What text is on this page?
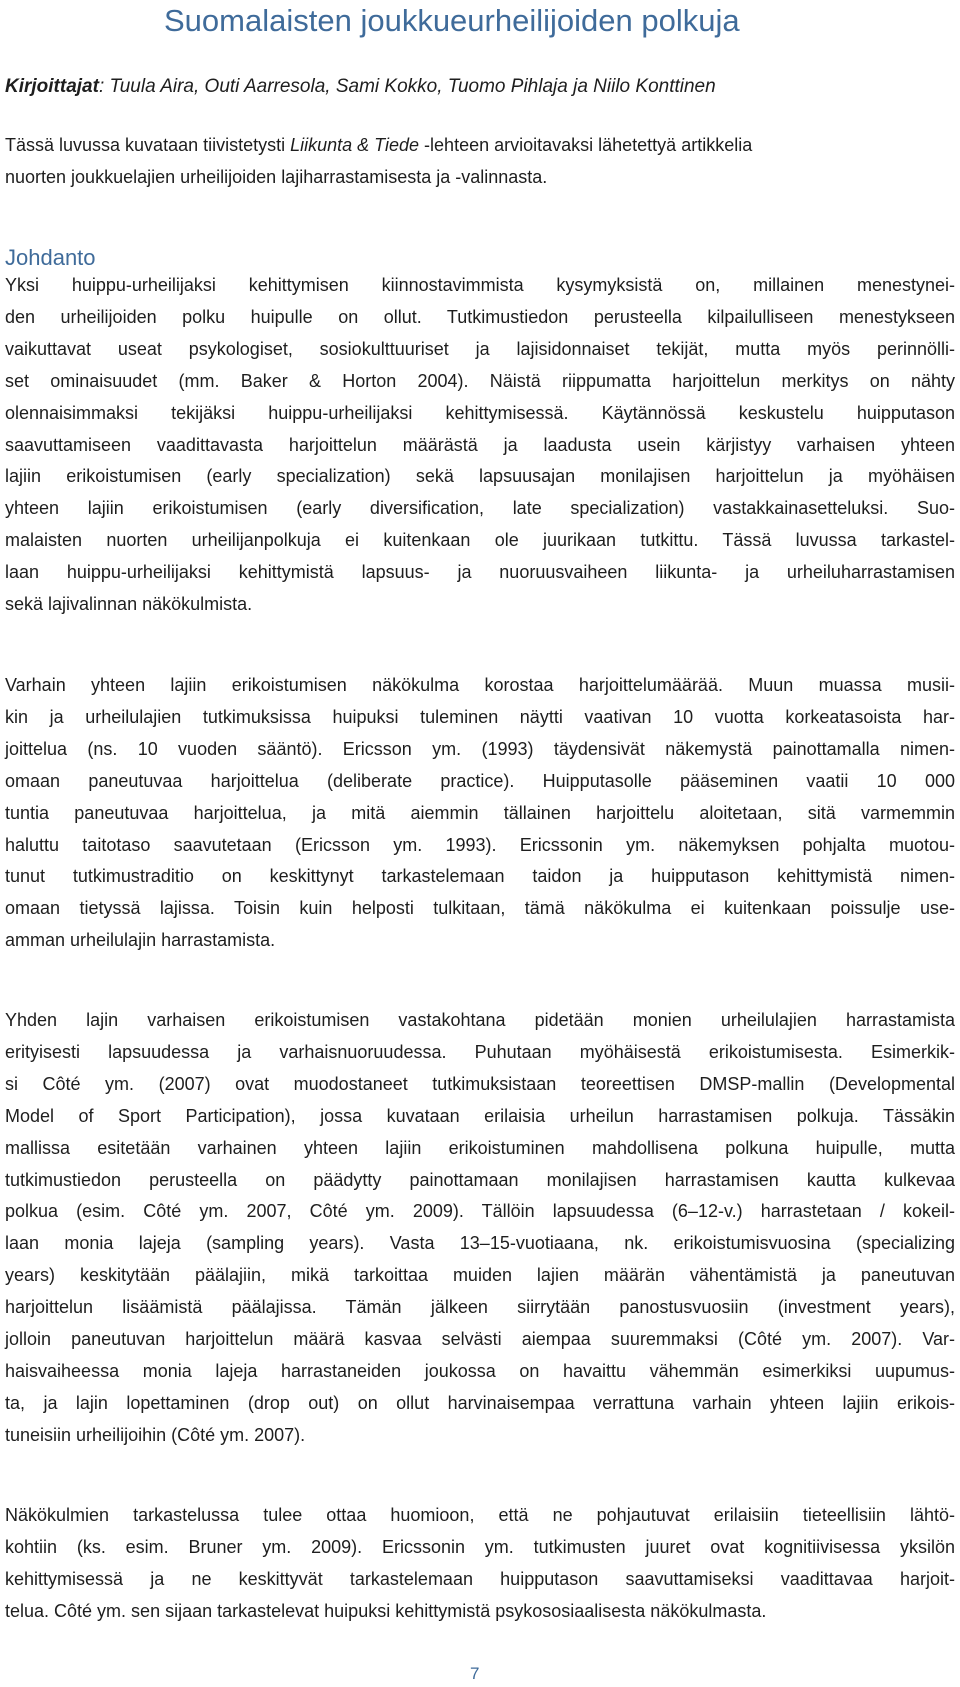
Suomalaisten joukkueurheilijoiden polkuja
Kirjoittajat: Tuula Aira, Outi Aarresola, Sami Kokko, Tuomo Pihlaja ja Niilo Konttinen
Tässä luvussa kuvataan tiivistetysti Liikunta & Tiede -lehteen arvioitavaksi lähetettyä artikkelia
nuorten joukkuelajien urheilijoiden lajiharrastamisesta ja -valinnasta.
Johdanto
Yksi huippu-urheilijaksi kehittymisen kiinnostavimmista kysymyksistä on, millainen menestynei-
den urheilijoiden polku huipulle on ollut. Tutkimustiedon perusteella kilpailulliseen menestykseen
vaikuttavat useat psykologiset, sosiokulttuuriset ja lajisidonnaiset tekijät, mutta myös perinnölli-
set ominaisuudet (mm. Baker & Horton 2004). Näistä riippumatta harjoittelun merkitys on nähty
olennaisimmaksi tekijäksi huippu-urheilijaksi kehittymisessä. Käytännössä keskustelu huipputason
saavuttamiseen vaadittavasta harjoittelun määrästä ja laadusta usein kärjistyy varhaisen yhteen
lajiin erikoistumisen (early specialization) sekä lapsuusajan monilajisen harjoittelun ja myöhäisen
yhteen lajiin erikoistumisen (early diversification, late specialization) vastakkainasetteluksi. Suo-
malaisten nuorten urheilijanpolkuja ei kuitenkaan ole juurikaan tutkittu. Tässä luvussa tarkastel-
laan huippu-urheilijaksi kehittymistä lapsuus- ja nuoruusvaiheen liikunta- ja urheiluharrastamisen
sekä lajivalinnan näkökulmista.
Varhain yhteen lajiin erikoistumisen näkökulma korostaa harjoittelumäärää. Muun muassa musii-
kin ja urheilulajien tutkimuksissa huipuksi tuleminen näytti vaativan 10 vuotta korkeatasoista har-
joittelua (ns. 10 vuoden sääntö). Ericsson ym. (1993) täydensivät näkemystä painottamalla nimen-
omaan paneutuvaa harjoittelua (deliberate practice). Huipputasolle pääseminen vaatii 10 000
tuntia paneutuvaa harjoittelua, ja mitä aiemmin tällainen harjoittelu aloitetaan, sitä varmemmin
haluttu taitotaso saavutetaan (Ericsson ym. 1993). Ericssonin ym. näkemyksen pohjalta muotou-
tunut tutkimustraditio on keskittynyt tarkastelemaan taidon ja huipputason kehittymistä nimen-
omaan tietyssä lajissa. Toisin kuin helposti tulkitaan, tämä näkökulma ei kuitenkaan poissulje use-
amman urheilulajin harrastamista.
Yhden lajin varhaisen erikoistumisen vastakohtana pidetään monien urheilulajien harrastamista
erityisesti lapsuudessa ja varhaisnuoruudessa. Puhutaan myöhäisestä erikoistumisesta. Esimerkik-
si Côté ym. (2007) ovat muodostaneet tutkimuksistaan teoreettisen DMSP-mallin (Developmental
Model of Sport Participation), jossa kuvataan erilaisia urheilun harrastamisen polkuja. Tässäkin
mallissa esitetään varhainen yhteen lajiin erikoistuminen mahdollisena polkuna huipulle, mutta
tutkimustiedon perusteella on päädytty painottamaan monilajisen harrastamisen kautta kulkevaa
polkua (esim. Côté ym. 2007, Côté ym. 2009). Tällöin lapsuudessa (6–12-v.) harrastetaan / kokeil-
laan monia lajeja (sampling years). Vasta 13–15-vuotiaana, nk. erikoistumisvuosina (specializing
years) keskitytään päälajiin, mikä tarkoittaa muiden lajien määrän vähentämistä ja paneutuvan
harjoittelun lisäämistä päälajissa. Tämän jälkeen siirrytään panostusvuosiin (investment years),
jolloin paneutuvan harjoittelun määrä kasvaa selvästi aiempaa suuremmaksi (Côté ym. 2007). Var-
haisvaiheessa monia lajeja harrastaneiden joukossa on havaittu vähemmän esimerkiksi uupumus-
ta, ja lajin lopettaminen (drop out) on ollut harvinaisempaa verrattuna varhain yhteen lajiin erikois-
tuneisiin urheilijoihin (Côté ym. 2007).
Näkökulmien tarkastelussa tulee ottaa huomioon, että ne pohjautuvat erilaisiin tieteellisiin lähtö-
kohtiin (ks. esim. Bruner ym. 2009). Ericssonin ym. tutkimusten juuret ovat kognitiivisessa yksilön
kehittymisessä ja ne keskittyvät tarkastelemaan huipputason saavuttamiseksi vaadittavaa harjoit-
telua. Côté ym. sen sijaan tarkastelevat huipuksi kehittymistä psykososiaalisesta näkökulmasta.
7
